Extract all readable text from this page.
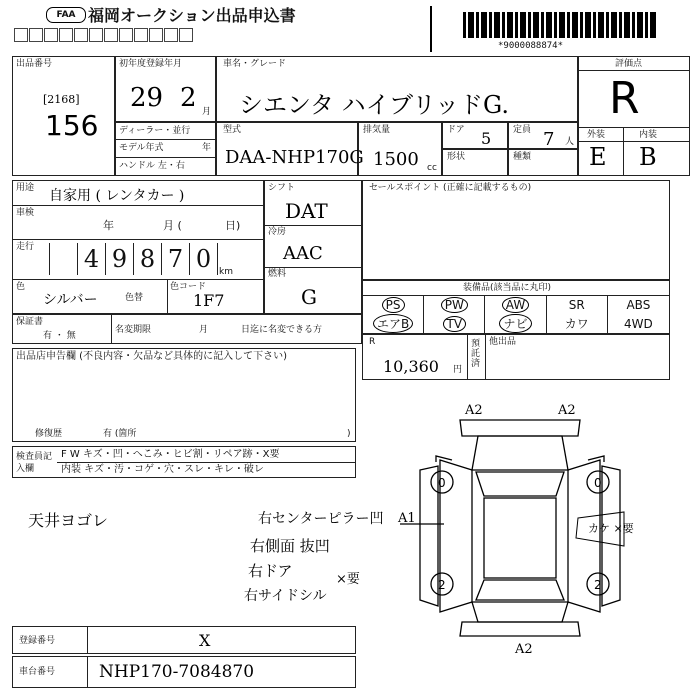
FAA 福岡オークション出品申込書
*9000088874*
出品番号
[2168]
156
初年度登録年月
29 2 月
車名・グレード
シエンタ ハイブリッドG.
評価点
R
外装	内装
E B
ディーラー・並行
モデル年式	年
ハンドル 左・右
型式
DAA-NHP170G
排気量
1500 cc
ドア 5 定員 7 人
形状	種類
用途 自家用 ( レンタカー )
車検
年	月 (	日)
走行 4 9 8 7 0 km
色
シルバー	色替
色コード
1F7
シフト
DAT
冷房
AAC
燃料
G
セールスポイント (正確に記載するもの)
装備品(該当品に丸印)
PS	PW	AW	SR	ABS
エアB	TV	ナビ	カワ	4WD
保証書
有 ・ 無
名変期限	月	日迄に名変できる方
R
10,360 円
預託済
他出品
出品店申告欄 (不良内容・欠品など具体的に記入して下さい)
修復歴	有 (箇所	)
検査員記入欄
F W キズ・凹・へこみ・ヒビ割・リペア跡・X要
内装 キズ・汚・コゲ・穴・スレ・キレ・破レ
天井ヨゴレ	右センターピラー凹
右側面 抜凹
右ドア
右サイドシル
×要
A2	A2
A2
A1
0	0
2	2
カケ ×要
登録番号	X
車台番号	NHP170-7084870
